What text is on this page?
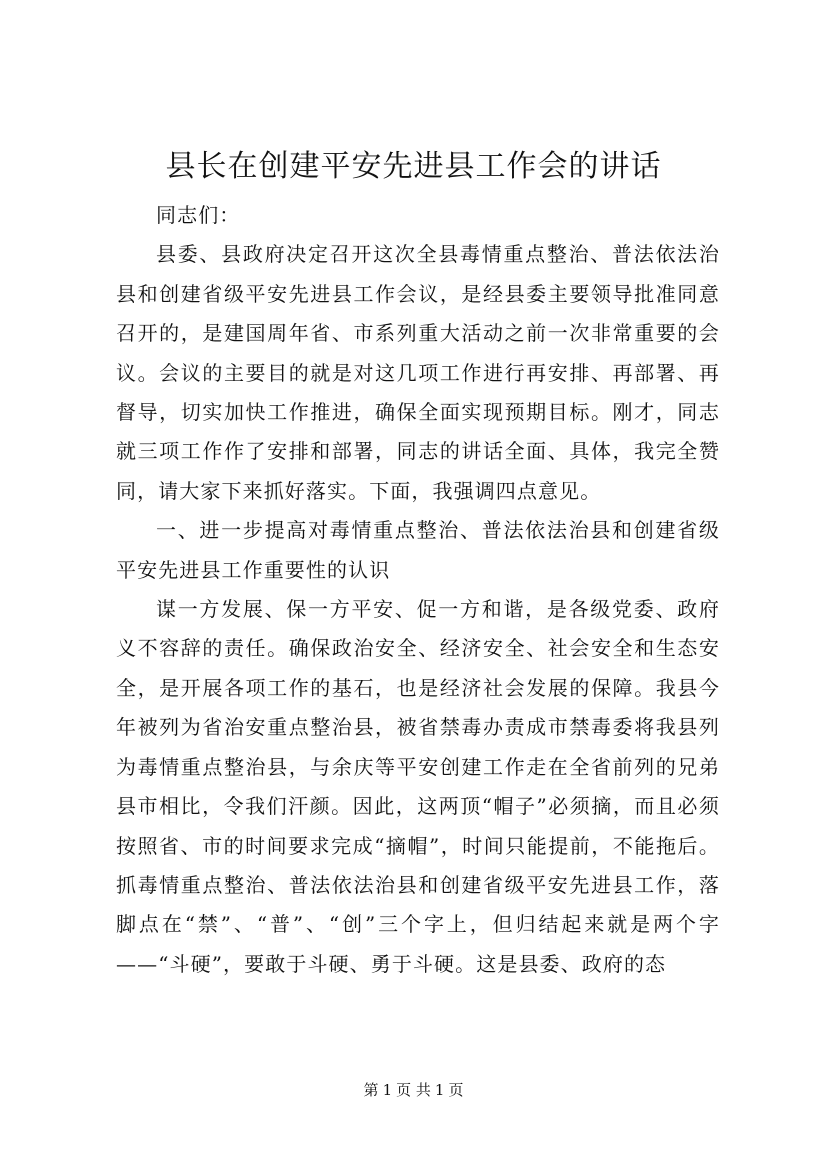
县长在创建平安先进县工作会的讲话

同志们：

县委、县政府决定召开这次全县毒情重点整治、普法依法治县和创建省级平安先进县工作会议，是经县委主要领导批准同意召开的，是建国周年省、市系列重大活动之前一次非常重要的会议。会议的主要目的就是对这几项工作进行再安排、再部署、再督导，切实加快工作推进，确保全面实现预期目标。刚才，同志就三项工作作了安排和部署，同志的讲话全面、具体，我完全赞同，请大家下来抓好落实。下面，我强调四点意见。

一、进一步提高对毒情重点整治、普法依法治县和创建省级平安先进县工作重要性的认识

谋一方发展、保一方平安、促一方和谐，是各级党委、政府义不容辞的责任。确保政治安全、经济安全、社会安全和生态安全，是开展各项工作的基石，也是经济社会发展的保障。我县今年被列为省治安重点整治县，被省禁毒办责成市禁毒委将我县列为毒情重点整治县，与余庆等平安创建工作走在全省前列的兄弟县市相比，令我们汗颜。因此，这两顶“帽子”必须摘，而且必须按照省、市的时间要求完成“摘帽”，时间只能提前，不能拖后。抓毒情重点整治、普法依法治县和创建省级平安先进县工作，落脚点在“禁”、“普”、“创”三个字上，但归结起来就是两个字——“斗硬”，要敢于斗硬、勇于斗硬。这是县委、政府的态

第 1 页 共 1 页
